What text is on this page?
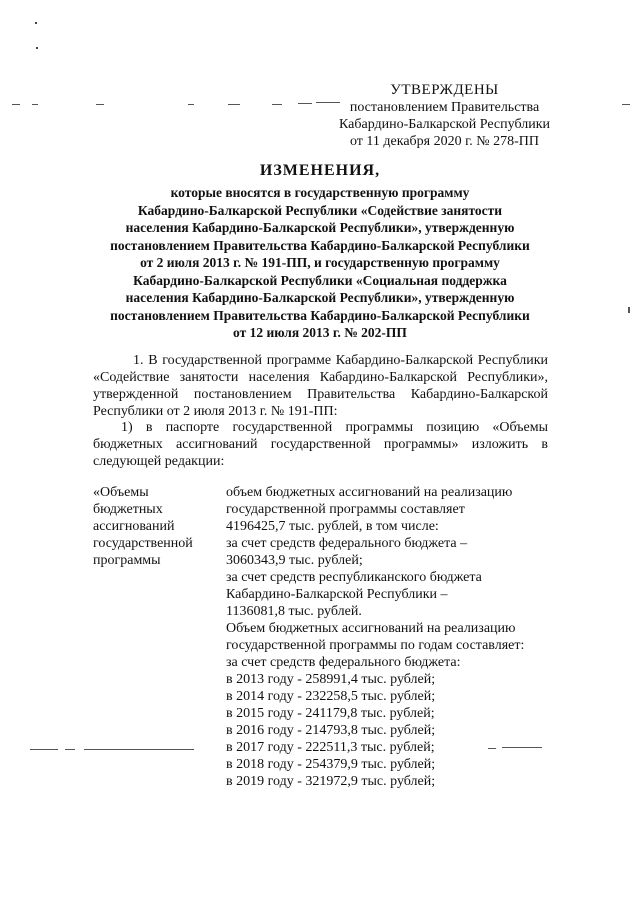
УТВЕРЖДЕНЫ
постановлением Правительства
Кабардино-Балкарской Республики
от 11 декабря 2020 г. № 278-ПП
ИЗМЕНЕНИЯ,
которые вносятся в государственную программу
Кабардино-Балкарской Республики «Содействие занятости
населения Кабардино-Балкарской Республики», утвержденную
постановлением Правительства Кабардино-Балкарской Республики
от 2 июля 2013 г. № 191-ПП, и государственную программу
Кабардино-Балкарской Республики «Социальная поддержка
населения Кабардино-Балкарской Республики», утвержденную
постановлением Правительства Кабардино-Балкарской Республики
от 12 июля 2013 г. № 202-ПП
1. В государственной программе Кабардино-Балкарской Республики «Содействие занятости населения Кабардино-Балкарской Республики», утвержденной постановлением Правительства Кабардино-Балкарской Республики от 2 июля 2013 г. № 191-ПП:
1) в паспорте государственной программы позицию «Объемы бюджетных ассигнований государственной программы» изложить в следующей редакции:
«Объемы
бюджетных
ассигнований
государственной
программы
объем бюджетных ассигнований на реализацию
государственной программы составляет
4196425,7 тыс. рублей, в том числе:
за счет средств федерального бюджета –
3060343,9 тыс. рублей;
за счет средств республиканского бюджета
Кабардино-Балкарской Республики –
1136081,8 тыс. рублей.
Объем бюджетных ассигнований на реализацию
государственной программы по годам составляет:
за счет средств федерального бюджета:
в 2013 году - 258991,4 тыс. рублей;
в 2014 году - 232258,5 тыс. рублей;
в 2015 году - 241179,8 тыс. рублей;
в 2016 году - 214793,8 тыс. рублей;
в 2017 году - 222511,3 тыс. рублей;
в 2018 году - 254379,9 тыс. рублей;
в 2019 году - 321972,9 тыс. рублей;
